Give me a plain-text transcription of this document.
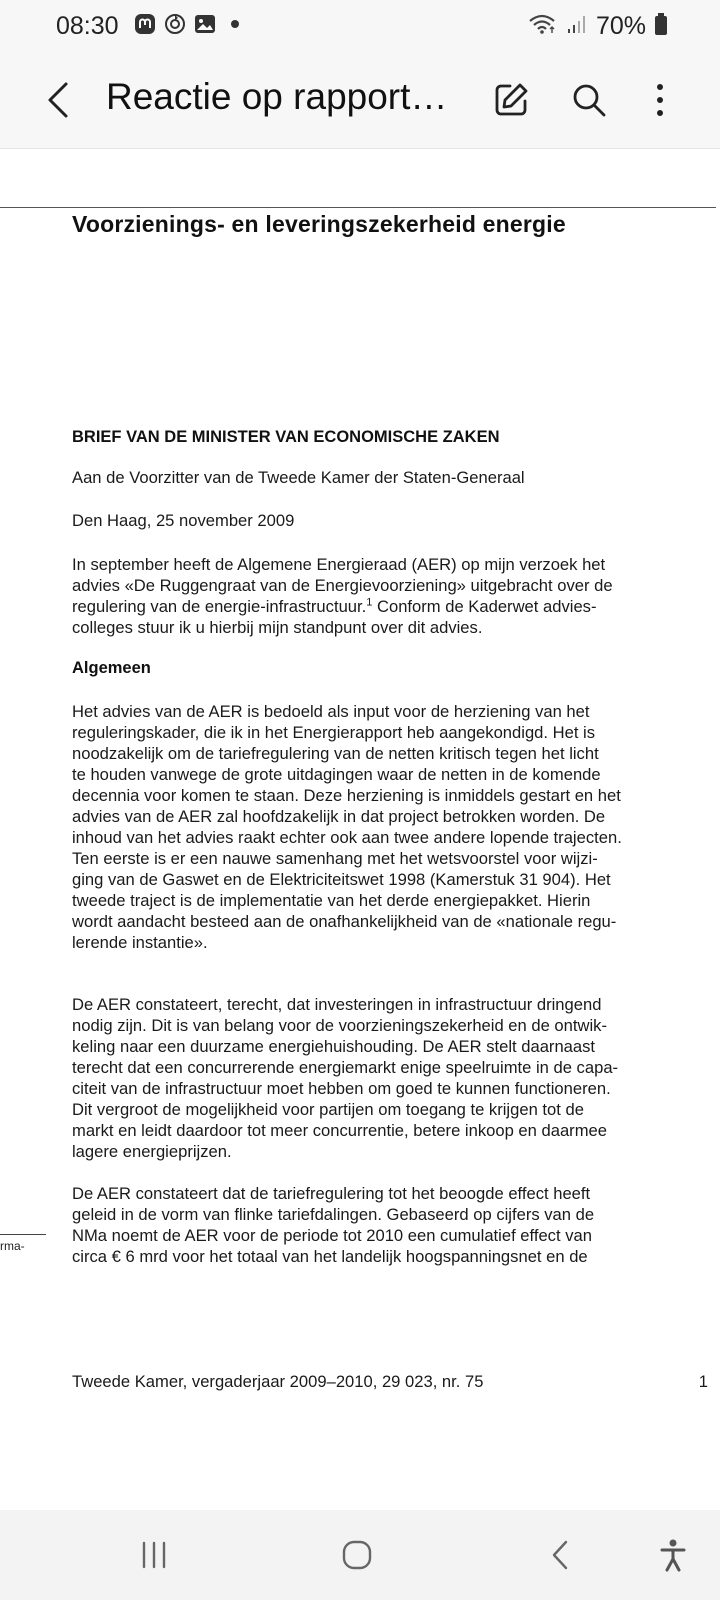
08:30	70%
Reactie op rapport…
Voorzienings- en leveringszekerheid energie
BRIEF VAN DE MINISTER VAN ECONOMISCHE ZAKEN
Aan de Voorzitter van de Tweede Kamer der Staten-Generaal
Den Haag, 25 november 2009
In september heeft de Algemene Energieraad (AER) op mijn verzoek het
advies «De Ruggengraat van de Energievoorziening» uitgebracht over de
regulering van de energie-infrastructuur.$^1$ Conform de Kaderwet advies-
colleges stuur ik u hierbij mijn standpunt over dit advies.
Algemeen
Het advies van de AER is bedoeld als input voor de herziening van het
reguleringskader, die ik in het Energierapport heb aangekondigd. Het is
noodzakelijk om de tariefregulering van de netten kritisch tegen het licht
te houden vanwege de grote uitdagingen waar de netten in de komende
decennia voor komen te staan. Deze herziening is inmiddels gestart en het
advies van de AER zal hoofdzakelijk in dat project betrokken worden. De
inhoud van het advies raakt echter ook aan twee andere lopende trajecten.
Ten eerste is er een nauwe samenhang met het wetsvoorstel voor wijzi-
ging van de Gaswet en de Elektriciteitswet 1998 (Kamerstuk 31 904). Het
tweede traject is de implementatie van het derde energiepakket. Hierin
wordt aandacht besteed aan de onafhankelijkheid van de «nationale regu-
lerende instantie».
De AER constateert, terecht, dat investeringen in infrastructuur dringend
nodig zijn. Dit is van belang voor de voorzieningszekerheid en de ontwik-
keling naar een duurzame energiehuishouding. De AER stelt daarnaast
terecht dat een concurrerende energiemarkt enige speelruimte in de capa-
citeit van de infrastructuur moet hebben om goed te kunnen functioneren.
Dit vergroot de mogelijkheid voor partijen om toegang te krijgen tot de
markt en leidt daardoor tot meer concurrentie, betere inkoop en daarmee
lagere energieprijzen.
De AER constateert dat de tariefregulering tot het beoogde effect heeft
geleid in de vorm van flinke tariefdalingen. Gebaseerd op cijfers van de
NMa noemt de AER voor de periode tot 2010 een cumulatief effect van
circa € 6 mrd voor het totaal van het landelijk hoogspanningsnet en de
rma-
Tweede Kamer, vergaderjaar 2009–2010, 29 023, nr. 75	1
